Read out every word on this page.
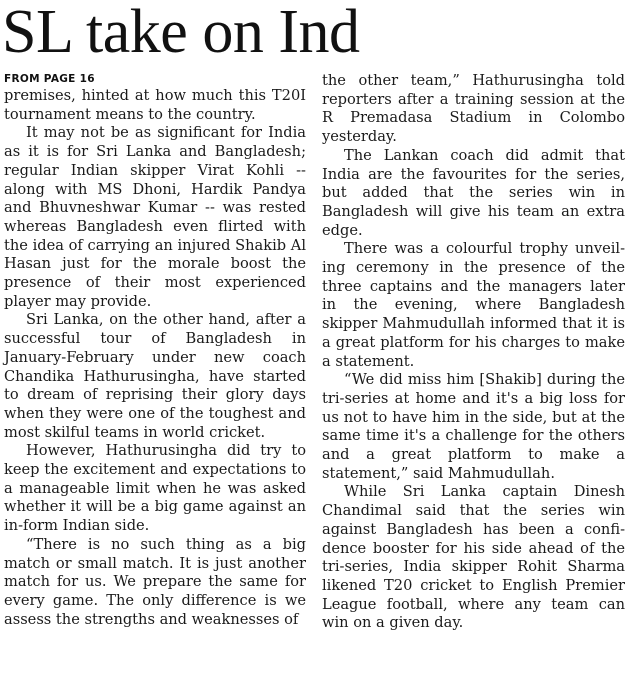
SL take on Ind
FROM PAGE 16

premises, hinted at how much this T20I tournament means to the country.

It may not be as significant for India as it is for Sri Lanka and Bangladesh; regular Indian skipper Virat Kohli -- along with MS Dhoni, Hardik Pandya and Bhuvneshwar Kumar -- was rested whereas Bangladesh even flirted with the idea of carrying an injured Shakib Al Hasan just for the morale boost the presence of their most experienced player may provide.

Sri Lanka, on the other hand, after a successful tour of Bangladesh in January-February under new coach Chandika Hathurusingha, have started to dream of reprising their glory days when they were one of the toughest and most skilful teams in world cricket.

However, Hathurusingha did try to keep the excitement and expectations to a manageable limit when he was asked whether it will be a big game against an in-form Indian side.

“There is no such thing as a big match or small match. It is just another match for us. We prepare the same for every game. The only difference is we assess the strengths and weaknesses of

the other team,” Hathurusingha told reporters after a training session at the R Premadasa Stadium in Colombo yesterday.

The Lankan coach did admit that India are the favourites for the series, but added that the series win in Bangladesh will give his team an extra edge.

There was a colourful trophy unveiling ceremony in the presence of the three captains and the managers later in the evening, where Bangladesh skipper Mahmudullah informed that it is a great platform for his charges to make a statement.

“We did miss him [Shakib] during the tri-series at home and it's a big loss for us not to have him in the side, but at the same time it's a challenge for the others and a great platform to make a statement,” said Mahmudullah.

While Sri Lanka captain Dinesh Chandimal said that the series win against Bangladesh has been a confidence booster for his side ahead of the tri-series, India skipper Rohit Sharma likened T20 cricket to English Premier League football, where any team can win on a given day.
